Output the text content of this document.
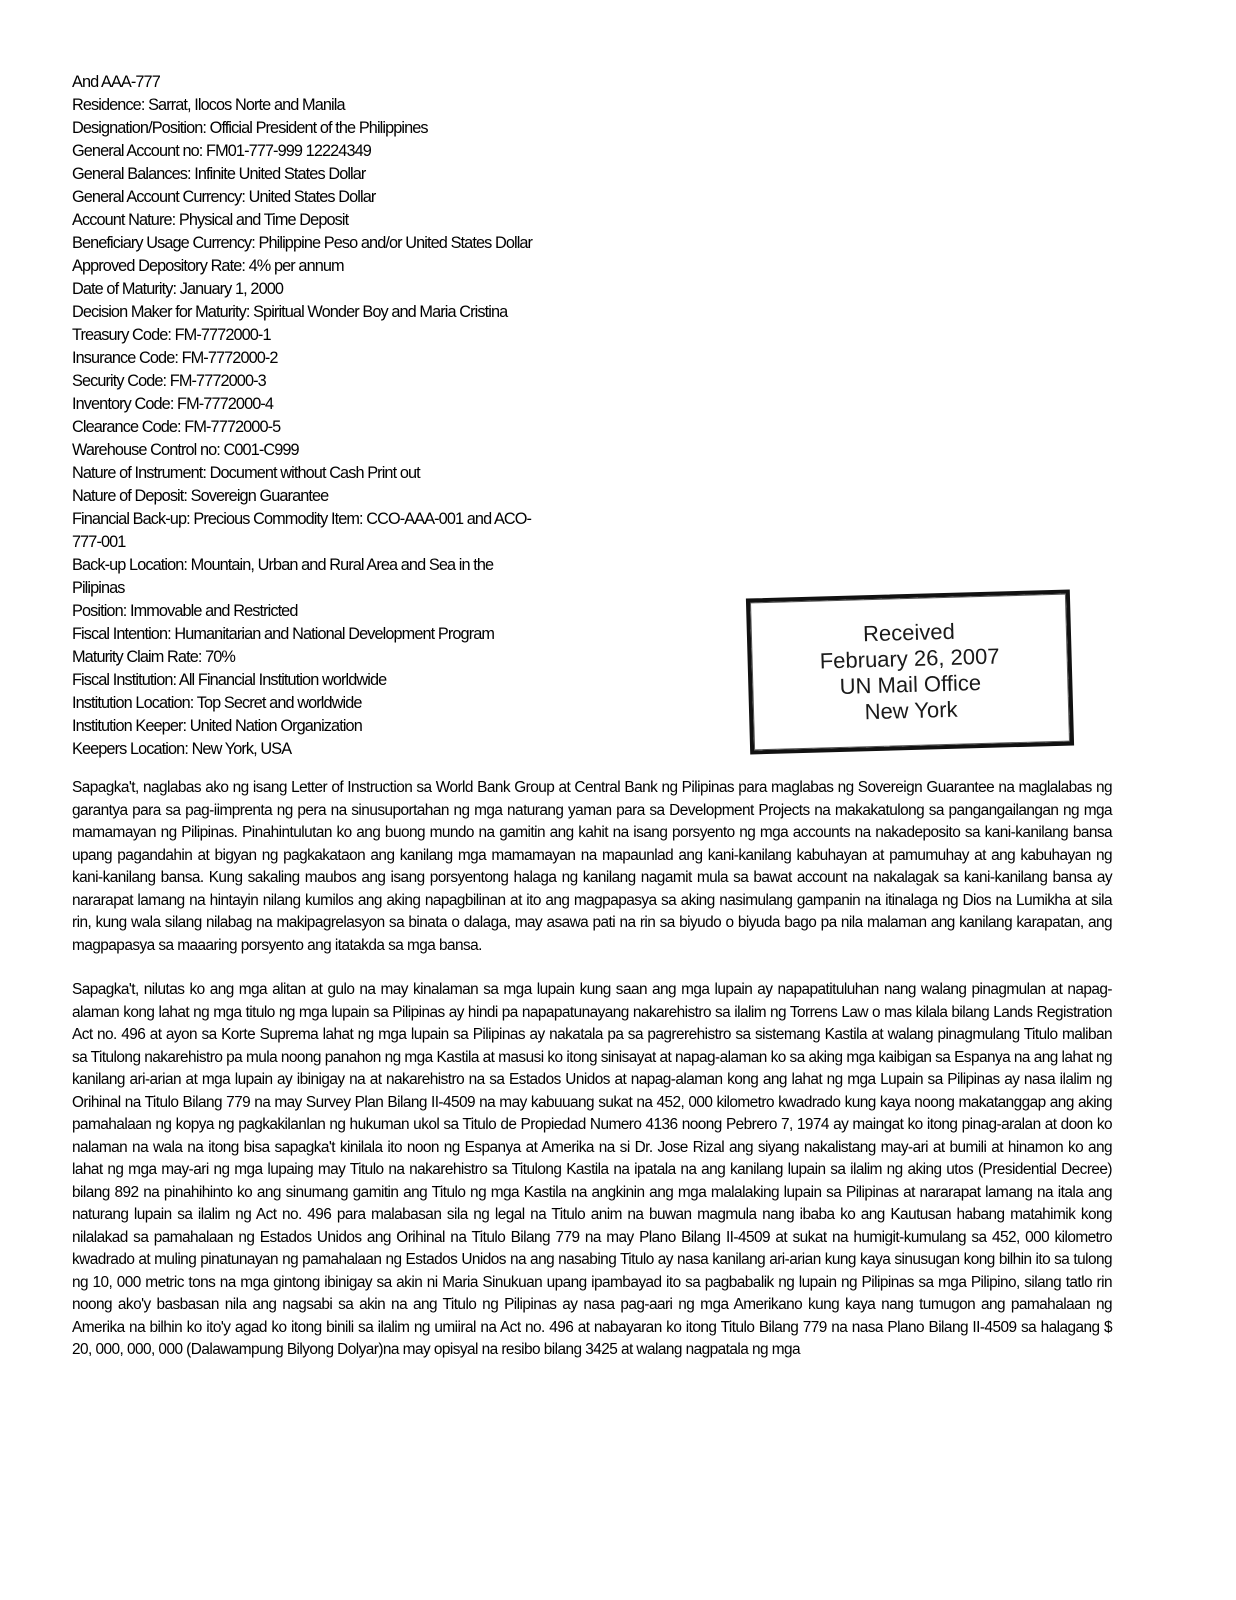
And AAA-777
Residence: Sarrat, Ilocos Norte and Manila
Designation/Position: Official President of the Philippines
General Account no: FM01-777-999 12224349
General Balances: Infinite United States Dollar
General Account Currency: United States Dollar
Account Nature: Physical and Time Deposit
Beneficiary Usage Currency: Philippine Peso and/or United States Dollar
Approved Depository Rate: 4% per annum
Date of Maturity: January 1, 2000
Decision Maker for Maturity: Spiritual Wonder Boy and Maria Cristina
Treasury Code: FM-7772000-1
Insurance Code: FM-7772000-2
Security Code: FM-7772000-3
Inventory Code: FM-7772000-4
Clearance Code: FM-7772000-5
Warehouse Control no: C001-C999
Nature of Instrument: Document without Cash Print out
Nature of Deposit: Sovereign Guarantee
Financial Back-up: Precious Commodity Item: CCO-AAA-001 and ACO-
777-001
Back-up Location: Mountain, Urban and Rural Area and Sea in the
Pilipinas
Position: Immovable and Restricted
Fiscal Intention: Humanitarian and National Development Program
Maturity Claim Rate: 70%
Fiscal Institution: All Financial Institution worldwide
Institution Location: Top Secret and worldwide
Institution Keeper: United Nation Organization
Keepers Location: New York, USA
Received
February 26, 2007
UN Mail Office
New York

Sapagka't, naglabas ako ng isang Letter of Instruction sa World Bank Group at Central Bank ng Pilipinas para maglabas ng Sovereign Guarantee na maglalabas ng garantya para sa pag-iimprenta ng pera na sinusuportahan ng mga naturang yaman para sa Development Projects na makakatulong sa pangangailangan ng mga mamamayan ng Pilipinas. Pinahintulutan ko ang buong mundo na gamitin ang kahit na isang porsyento ng mga accounts na nakadeposito sa kani-kanilang bansa upang pagandahin at bigyan ng pagkakataon ang kanilang mga mamamayan na mapaunlad ang kani-kanilang kabuhayan at pamumuhay at ang kabuhayan ng kani-kanilang bansa. Kung sakaling maubos ang isang porsyentong halaga ng kanilang nagamit mula sa bawat account na nakalagak sa kani-kanilang bansa ay nararapat lamang na hintayin nilang kumilos ang aking napagbilinan at ito ang magpapasya sa aking nasimulang gampanin na itinalaga ng Dios na Lumikha at sila rin, kung wala silang nilabag na makipagrelasyon sa binata o dalaga, may asawa pati na rin sa biyudo o biyuda bago pa nila malaman ang kanilang karapatan, ang magpapasya sa maaaring porsyento ang itatakda sa mga bansa.

Sapagka't, nilutas ko ang mga alitan at gulo na may kinalaman sa mga lupain kung saan ang mga lupain ay napapatituluhan nang walang pinagmulan at napag-alaman kong lahat ng mga titulo ng mga lupain sa Pilipinas ay hindi pa napapatunayang nakarehistro sa ilalim ng Torrens Law o mas kilala bilang Lands Registration Act no. 496 at ayon sa Korte Suprema lahat ng mga lupain sa Pilipinas ay nakatala pa sa pagrerehistro sa sistemang Kastila at walang pinagmulang Titulo maliban sa Titulong nakarehistro pa mula noong panahon ng mga Kastila at masusi ko itong sinisayat at napag-alaman ko sa aking mga kaibigan sa Espanya na ang lahat ng kanilang ari-arian at mga lupain ay ibinigay na at nakarehistro na sa Estados Unidos at napag-alaman kong ang lahat ng mga Lupain sa Pilipinas ay nasa ilalim ng Orihinal na Titulo Bilang 779 na may Survey Plan Bilang II-4509 na may kabuuang sukat na 452, 000 kilometro kwadrado kung kaya noong makatanggap ang aking pamahalaan ng kopya ng pagkakilanlan ng hukuman ukol sa Titulo de Propiedad Numero 4136 noong Pebrero 7, 1974 ay maingat ko itong pinag-aralan at doon ko nalaman na wala na itong bisa sapagka't kinilala ito noon ng Espanya at Amerika na si Dr. Jose Rizal ang siyang nakalistang may-ari at bumili at hinamon ko ang lahat ng mga may-ari ng mga lupaing may Titulo na nakarehistro sa Titulong Kastila na ipatala na ang kanilang lupain sa ilalim ng aking utos (Presidential Decree) bilang 892 na pinahihinto ko ang sinumang gamitin ang Titulo ng mga Kastila na angkinin ang mga malalaking lupain sa Pilipinas at nararapat lamang na itala ang naturang lupain sa ilalim ng Act no. 496 para malabasan sila ng legal na Titulo anim na buwan magmula nang ibaba ko ang Kautusan habang matahimik kong nilalakad sa pamahalaan ng Estados Unidos ang Orihinal na Titulo Bilang 779 na may Plano Bilang II-4509 at sukat na humigit-kumulang sa 452, 000 kilometro kwadrado at muling pinatunayan ng pamahalaan ng Estados Unidos na ang nasabing Titulo ay nasa kanilang ari-arian kung kaya sinusugan kong bilhin ito sa tulong ng 10, 000 metric tons na mga gintong ibinigay sa akin ni Maria Sinukuan upang ipambayad ito sa pagbabalik ng lupain ng Pilipinas sa mga Pilipino, silang tatlo rin noong ako'y basbasan nila ang nagsabi sa akin na ang Titulo ng Pilipinas ay nasa pag-aari ng mga Amerikano kung kaya nang tumugon ang pamahalaan ng Amerika na bilhin ko ito'y agad ko itong binili sa ilalim ng umiiral na Act no. 496 at nabayaran ko itong Titulo Bilang 779 na nasa Plano Bilang II-4509 sa halagang $ 20, 000, 000, 000 (Dalawampung Bilyong Dolyar)na may opisyal na resibo bilang 3425 at walang nagpatala ng mga
